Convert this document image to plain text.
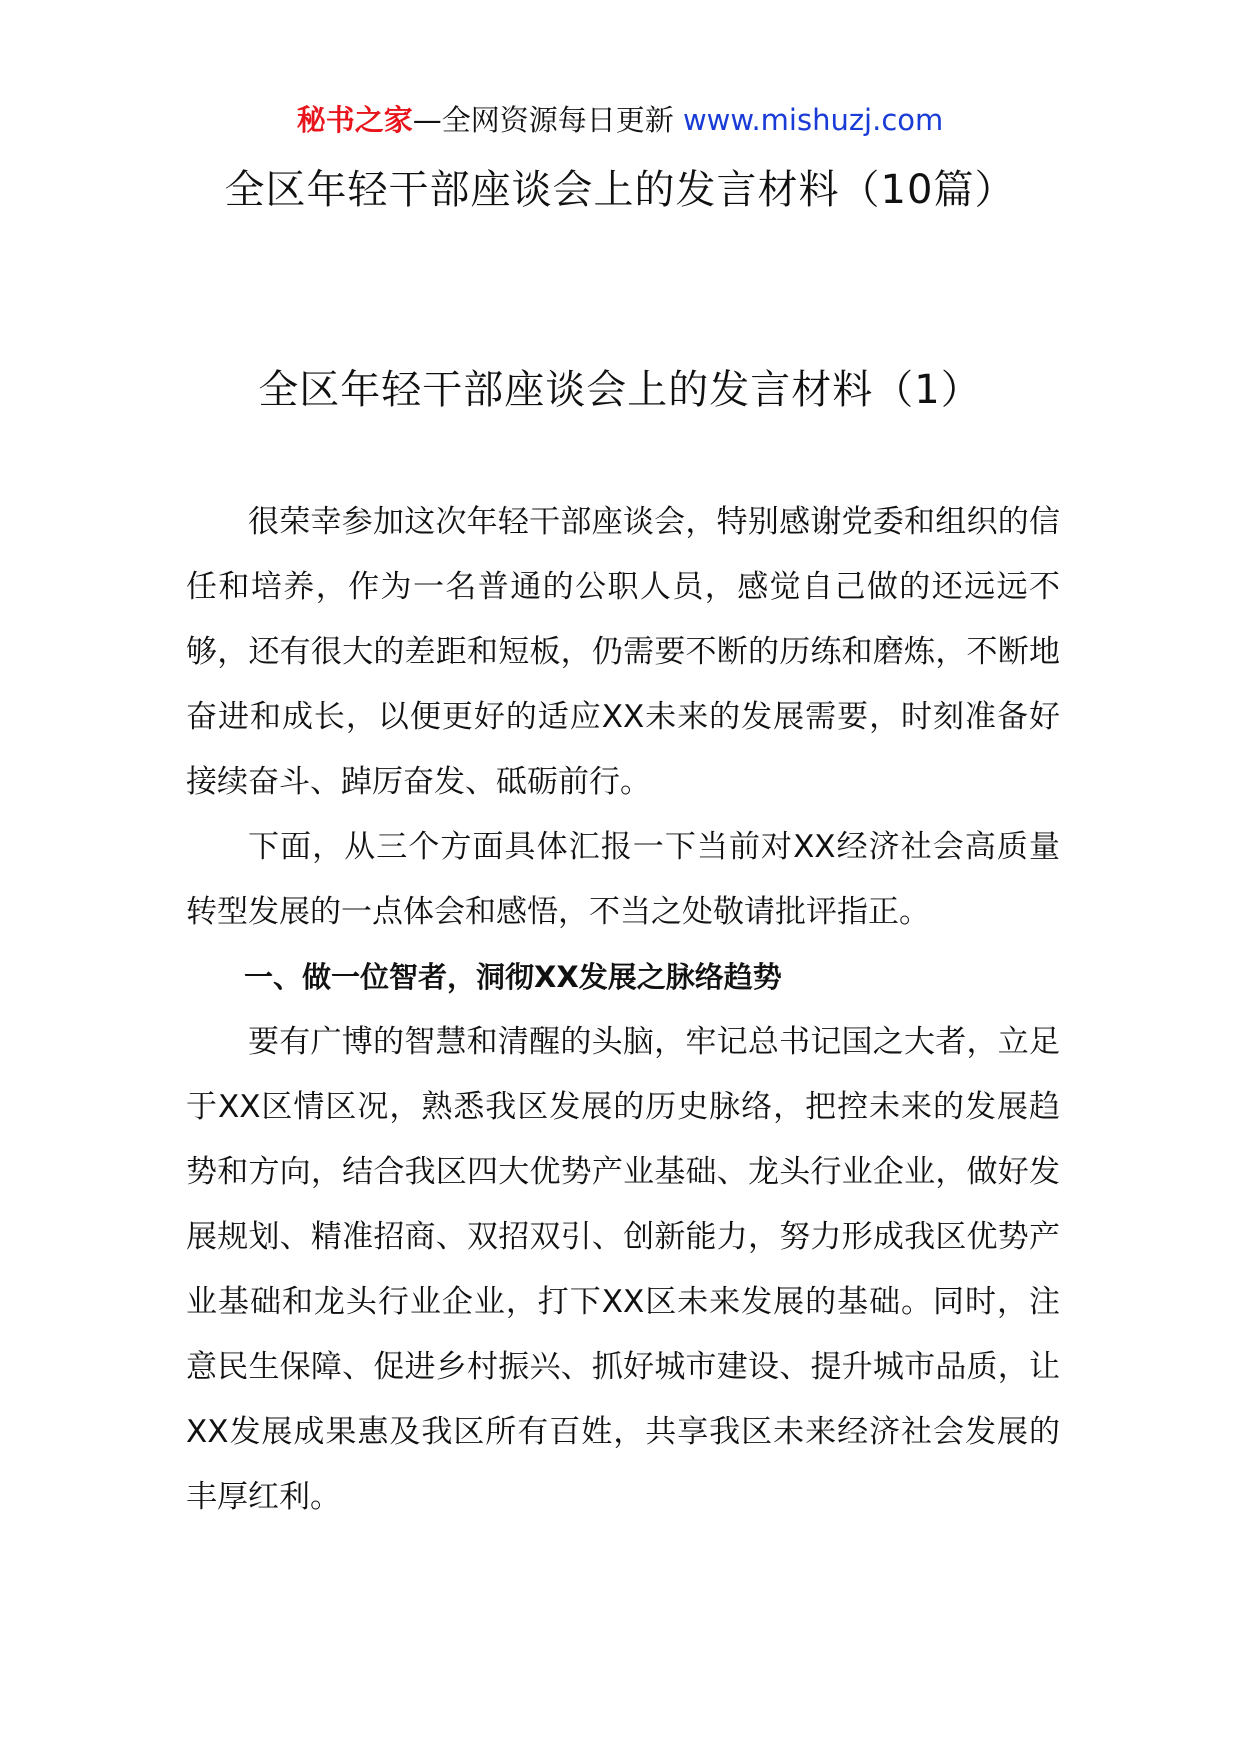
秘书之家—全网资源每日更新 www.mishuzj.com
全区年轻干部座谈会上的发言材料（10篇）
全区年轻干部座谈会上的发言材料（1）

很荣幸参加这次年轻干部座谈会，特别感谢党委和组织的信任和培养，作为一名普通的公职人员，感觉自己做的还远远不够，还有很大的差距和短板，仍需要不断的历练和磨炼，不断地奋进和成长，以便更好的适应XX未来的发展需要，时刻准备好接续奋斗、踔厉奋发、砥砺前行。

下面，从三个方面具体汇报一下当前对XX经济社会高质量转型发展的一点体会和感悟，不当之处敬请批评指正。

一、做一位智者，洞彻XX发展之脉络趋势

要有广博的智慧和清醒的头脑，牢记总书记国之大者，立足于XX区情区况，熟悉我区发展的历史脉络，把控未来的发展趋势和方向，结合我区四大优势产业基础、龙头行业企业，做好发展规划、精准招商、双招双引、创新能力，努力形成我区优势产业基础和龙头行业企业，打下XX区未来发展的基础。同时，注意民生保障、促进乡村振兴、抓好城市建设、提升城市品质，让XX发展成果惠及我区所有百姓，共享我区未来经济社会发展的丰厚红利。
